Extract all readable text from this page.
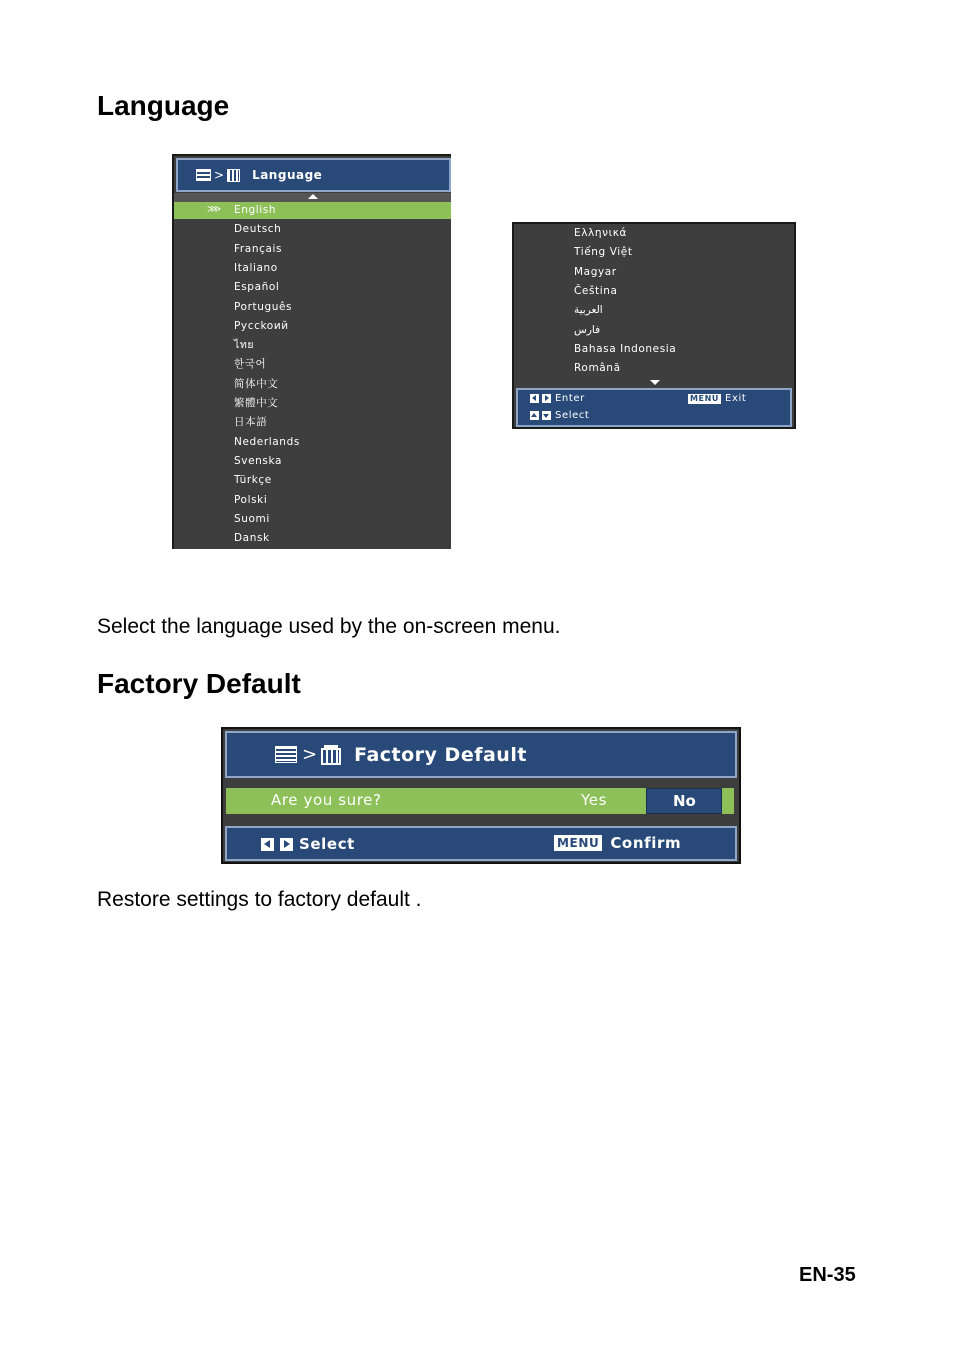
Language
> Language
⋙ English
Deutsch
Français
Italiano
Español
Português
Pycckoий
ไทย
한국어
简体中文
繁體中文
日本語
Nederlands
Svenska
Türkçe
Polski
Suomi
Dansk
Ελληνικά
Tiếng Việt
Magyar
Čeština
العربية
فارس
Bahasa Indonesia
Română
Enter	MENU Exit
Select

Select the language used by the on-screen menu.

Factory Default
> Factory Default
Are you sure?	Yes	No
Select	MENU Confirm

Restore settings to factory default .

EN-35
